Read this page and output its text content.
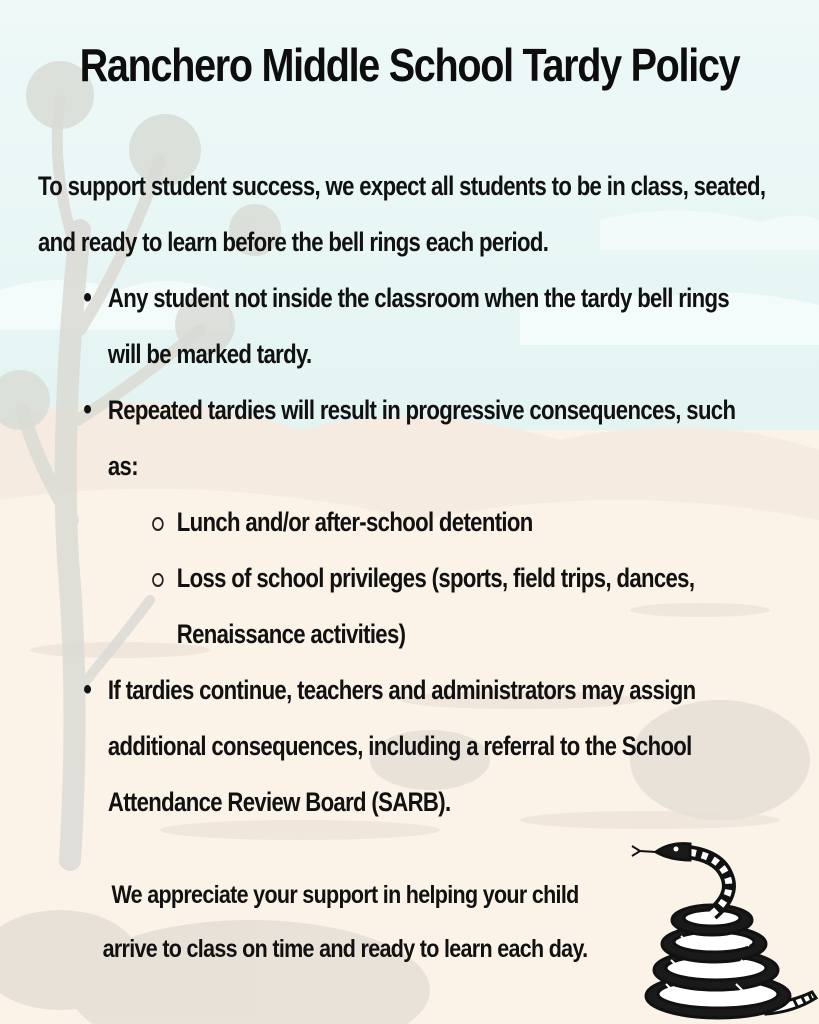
Ranchero Middle School Tardy Policy

To support student success, we expect all students to be in class, seated, and ready to learn before the bell rings each period.

• Any student not inside the classroom when the tardy bell rings will be marked tardy.
• Repeated tardies will result in progressive consequences, such as:
Lunch and/or after-school detention
Loss of school privileges (sports, field trips, dances, Renaissance activities)
• If tardies continue, teachers and administrators may assign additional consequences, including a referral to the School Attendance Review Board (SARB).
We appreciate your support in helping your child
arrive to class on time and ready to learn each day.
